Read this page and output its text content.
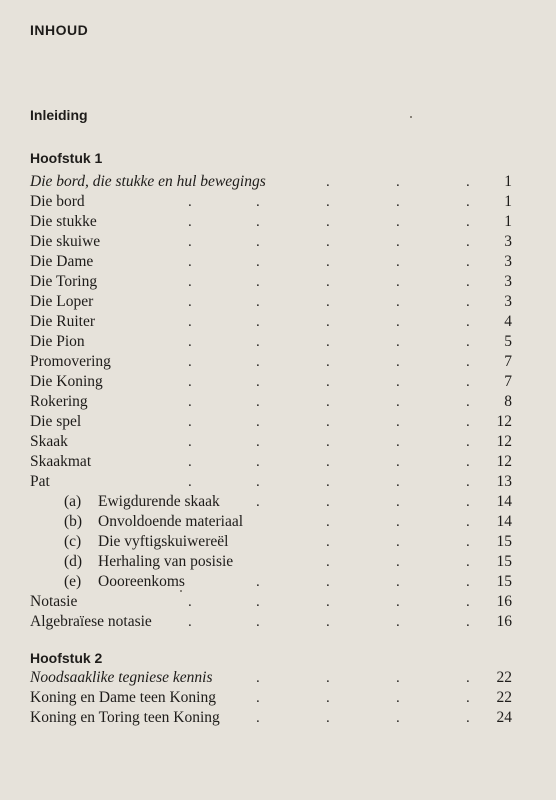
INHOUD
Inleiding
Hoofstuk 1
Die bord, die stukke en hul bewegings	.	.	. 1
Die bord	.	.	.	.	. 1
Die stukke	.	.	.	.	. 1
Die skuiwe	.	.	.	.	. 3
Die Dame	.	.	.	.	. 3
Die Toring	.	.	.	.	. 3
Die Loper	.	.	.	.	. 3
Die Ruiter	.	.	.	.	. 4
Die Pion	.	.	.	.	. 5
Promovering	.	.	.	.	. 7
Die Koning	.	.	.	.	. 7
Rokering	.	.	.	.	. 8
Die spel	.	.	.	.	. 12
Skaak	.	.	.	.	. 12
Skaakmat	.	.	.	.	. 12
Pat	.	.	.	.	. 13
(a) Ewigdurende skaak .	.	.	. 14
(b) Onvoldoende materiaal	.	.	. 14
(c) Die vyftigskuiwereël	.	.	. 15
(d) Herhaling van posisie	.	.	. 15
(e) Oooreenkoms	.	.	.	. 15
Notasie	.	.	.	.	. 16
Algebraïese notasie .	.	.	.	. 16
Hoofstuk 2
Noodsaaklike tegniese kennis	.	.	.	. 22
Koning en Dame teen Koning	.	.	.	. 22
Koning en Toring teen Koning .	.	.	. 24
